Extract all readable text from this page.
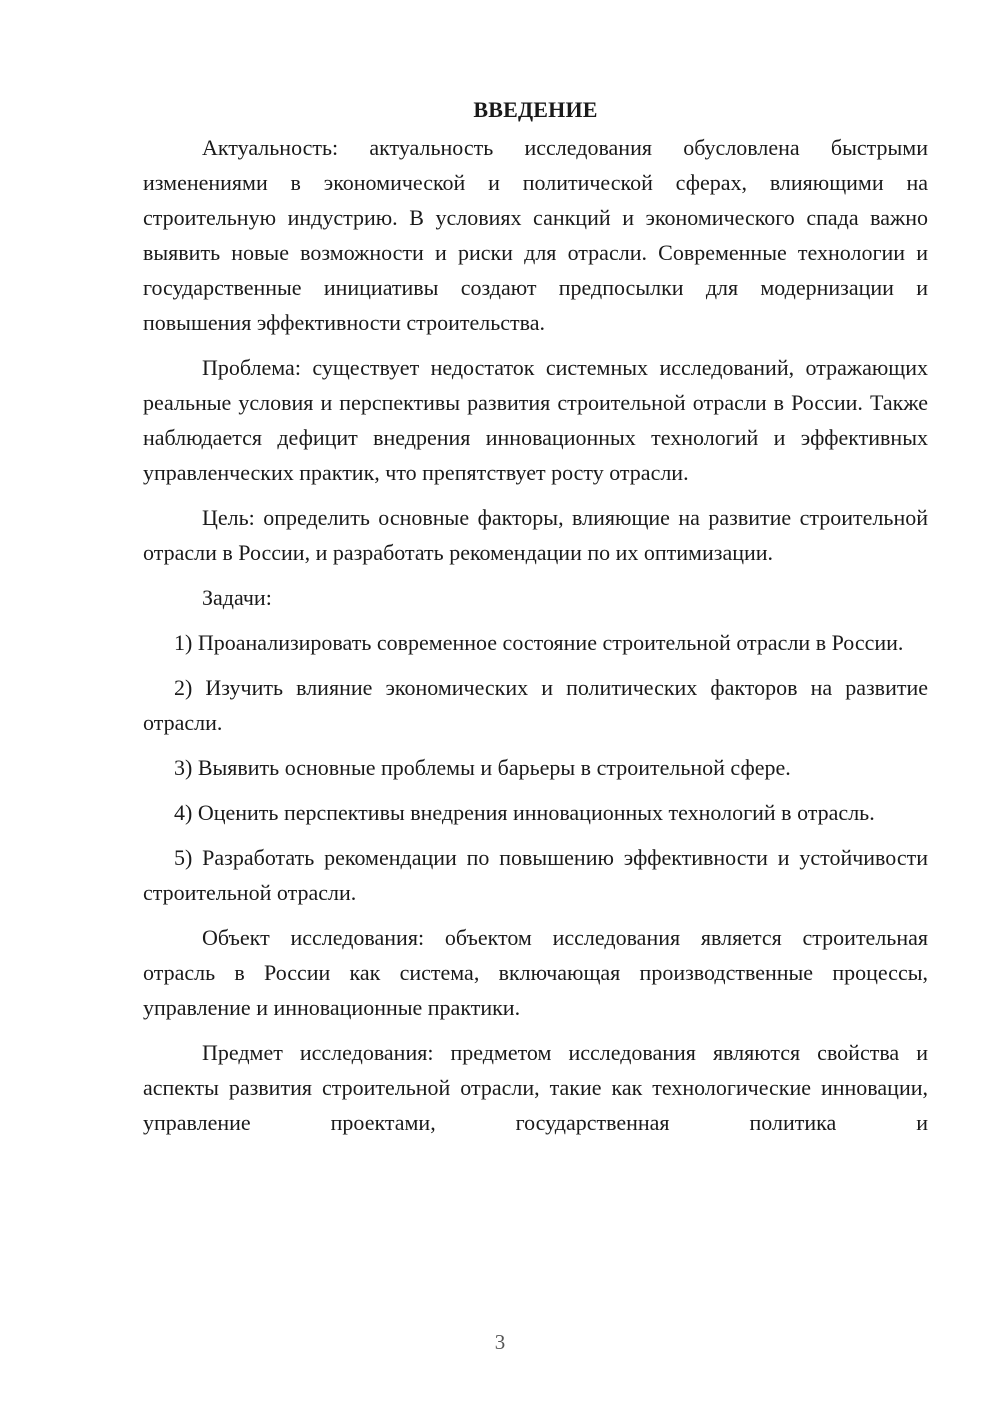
ВВЕДЕНИЕ

Актуальность: актуальность исследования обусловлена быстрыми изменениями в экономической и политической сферах, влияющими на строительную индустрию. В условиях санкций и экономического спада важно выявить новые возможности и риски для отрасли. Современные технологии и государственные инициативы создают предпосылки для модернизации и повышения эффективности строительства.

Проблема: существует недостаток системных исследований, отражающих реальные условия и перспективы развития строительной отрасли в России. Также наблюдается дефицит внедрения инновационных технологий и эффективных управленческих практик, что препятствует росту отрасли.

Цель: определить основные факторы, влияющие на развитие строительной отрасли в России, и разработать рекомендации по их оптимизации.

Задачи:

1) Проанализировать современное состояние строительной отрасли в России.

2) Изучить влияние экономических и политических факторов на развитие отрасли.

3) Выявить основные проблемы и барьеры в строительной сфере.

4) Оценить перспективы внедрения инновационных технологий в отрасль.

5) Разработать рекомендации по повышению эффективности и устойчивости строительной отрасли.

Объект исследования: объектом исследования является строительная отрасль в России как система, включающая производственные процессы, управление и инновационные практики.

Предмет исследования: предметом исследования являются свойства и аспекты развития строительной отрасли, такие как технологические инновации, управление проектами, государственная политика и

3
